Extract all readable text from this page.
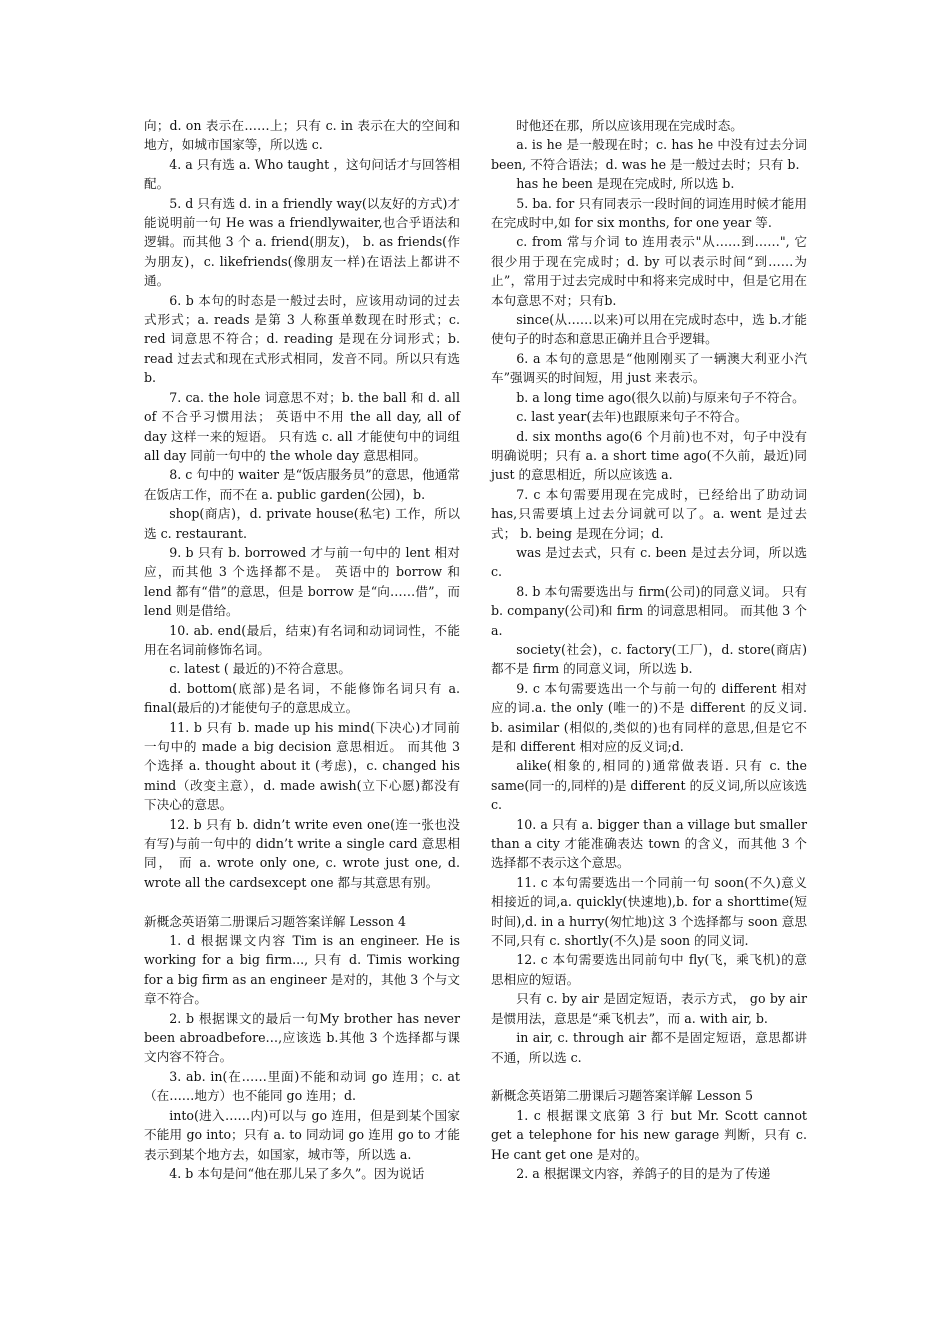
向；d. on 表示在……上；只有 c. in 表示在大的空间和地方，如城市国家等，所以选 c.

4. a 只有选 a. Who taught ，这句问话才与回答相配。

5. d 只有选 d. in a friendly way(以友好的方式)才能说明前一句 He was a friendlywaiter,也合乎语法和逻辑。而其他 3 个 a. friend(朋友)， b. as friends(作为朋友)，c. likefriends(像朋友一样)在语法上都讲不通。

6. b 本句的时态是一般过去时，应该用动词的过去式形式；a. reads 是第 3 人称蛋单数现在时形式；c. red 词意思不符合；d. reading 是现在分词形式；b. read 过去式和现在式形式相同，发音不同。所以只有选 b.

7. ca. the hole 词意思不对；b. the ball 和 d. all of 不合乎习惯用法； 英语中不用 the all day, all of day 这样一来的短语。 只有选 c. all 才能使句中的词组 all day 同前一句中的 the whole day 意思相同。

8. c 句中的 waiter 是“饭店服务员”的意思，他通常在饭店工作，而不在 a. public garden(公园)，b.

shop(商店)，d. private house(私宅) 工作，所以选 c. restaurant.

9. b 只有 b. borrowed 才与前一句中的 lent 相对应，而其他 3 个选择都不是。 英语中的 borrow 和 lend 都有“借”的意思，但是 borrow 是“向……借”，而 lend 则是借给。

10. ab. end(最后，结束)有名词和动词词性，不能用在名词前修饰名词。

c. latest ( 最近的)不符合意思。

d. bottom(底部)是名词，不能修饰名词只有 a. final(最后的)才能使句子的意思成立。

11. b 只有 b. made up his mind(下决心)才同前一句中的 made a big decision 意思相近。 而其他 3 个选择 a. thought about it (考虑)，c. changed his mind（改变主意），d. made awish(立下心愿)都没有下决心的意思。

12. b 只有 b. didn’t write even one(连一张也没有写)与前一句中的 didn’t write a single card 意思相同， 而 a. wrote only one, c. wrote just one, d. wrote all the cardsexcept one 都与其意思有别。

新概念英语第二册课后习题答案详解 Lesson 4

1. d 根据课文内容 Tim is an engineer. He is working for a big firm..., 只有 d. Timis working for a big firm as an engineer 是对的，其他 3 个与文章不符合。

2. b 根据课文的最后一句My brother has never been abroadbefore…,应该选 b.其他 3 个选择都与课文内容不符合。

3. ab. in(在……里面)不能和动词 go 连用；c. at（在……地方）也不能同 go 连用；d.

into(进入……内)可以与 go 连用，但是到某个国家不能用 go into；只有 a. to 同动词 go 连用 go to 才能表示到某个地方去，如国家，城市等，所以选 a.

4. b 本句是问“他在那儿呆了多久”。因为说话

时他还在那，所以应该用现在完成时态。

a. is he 是一般现在时；c. has he 中没有过去分词 been, 不符合语法；d. was he 是一般过去时；只有 b.

has he been 是现在完成时, 所以选 b.

5. ba. for 只有同表示一段时间的词连用时候才能用在完成时中,如 for six months, for one year 等.

c. from 常与介词 to 连用表示"从……到……", 它很少用于现在完成时；d. by 可以表示时间“到……为止”，常用于过去完成时中和将来完成时中，但是它用在本句意思不对；只有b.

since(从……以来)可以用在完成时态中，选 b.才能使句子的时态和意思正确并且合乎逻辑。

6. a 本句的意思是“他刚刚买了一辆澳大利亚小汽车”强调买的时间短，用 just 来表示。

b. a long time ago(很久以前)与原来句子不符合。

c. last year(去年)也跟原来句子不符合。

d. six months ago(6 个月前)也不对，句子中没有明确说明；只有 a. a short time ago(不久前，最近)同 just 的意思相近，所以应该选 a.

7. c 本句需要用现在完成时，已经给出了助动词 has,只需要填上过去分词就可以了。a. went 是过去式； b. being 是现在分词；d.

was 是过去式，只有 c. been 是过去分词，所以选 c.

8. b 本句需要选出与 firm(公司)的同意义词。 只有 b. company(公司)和 firm 的词意思相同。 而其他 3 个 a.

society(社会)，c. factory(工厂)，d. store(商店)都不是 firm 的同意义词，所以选 b.

9. c 本句需要选出一个与前一句的 different 相对应的词.a. the only (唯一的)不是 different 的反义词. b. asimilar (相似的,类似的)也有同样的意思,但是它不是和 different 相对应的反义词;d.

alike(相象的,相同的)通常做表语. 只有 c. the same(同一的,同样的)是 different 的反义词,所以应该选 c.

10. a 只有 a. bigger than a village but smaller than a city 才能准确表达 town 的含义，而其他 3 个选择都不表示这个意思。

11. c 本句需要选出一个同前一句 soon(不久)意义相接近的词,a. quickly(快速地),b. for a shorttime(短时间),d. in a hurry(匆忙地)这 3 个选择都与 soon 意思不同,只有 c. shortly(不久)是 soon 的同义词.

12. c 本句需要选出同前句中 fly(飞，乘飞机)的意思相应的短语。

只有 c. by air 是固定短语，表示方式， go by air 是惯用法，意思是“乘飞机去”，而 a. with air, b.

in air, c. through air 都不是固定短语，意思都讲不通，所以选 c.

新概念英语第二册课后习题答案详解 Lesson 5

1. c 根据课文底第 3 行 but Mr. Scott cannot get a telephone for his new garage 判断，只有 c. He cant get one 是对的。

2. a 根据课文内容，养鸽子的目的是为了传递
